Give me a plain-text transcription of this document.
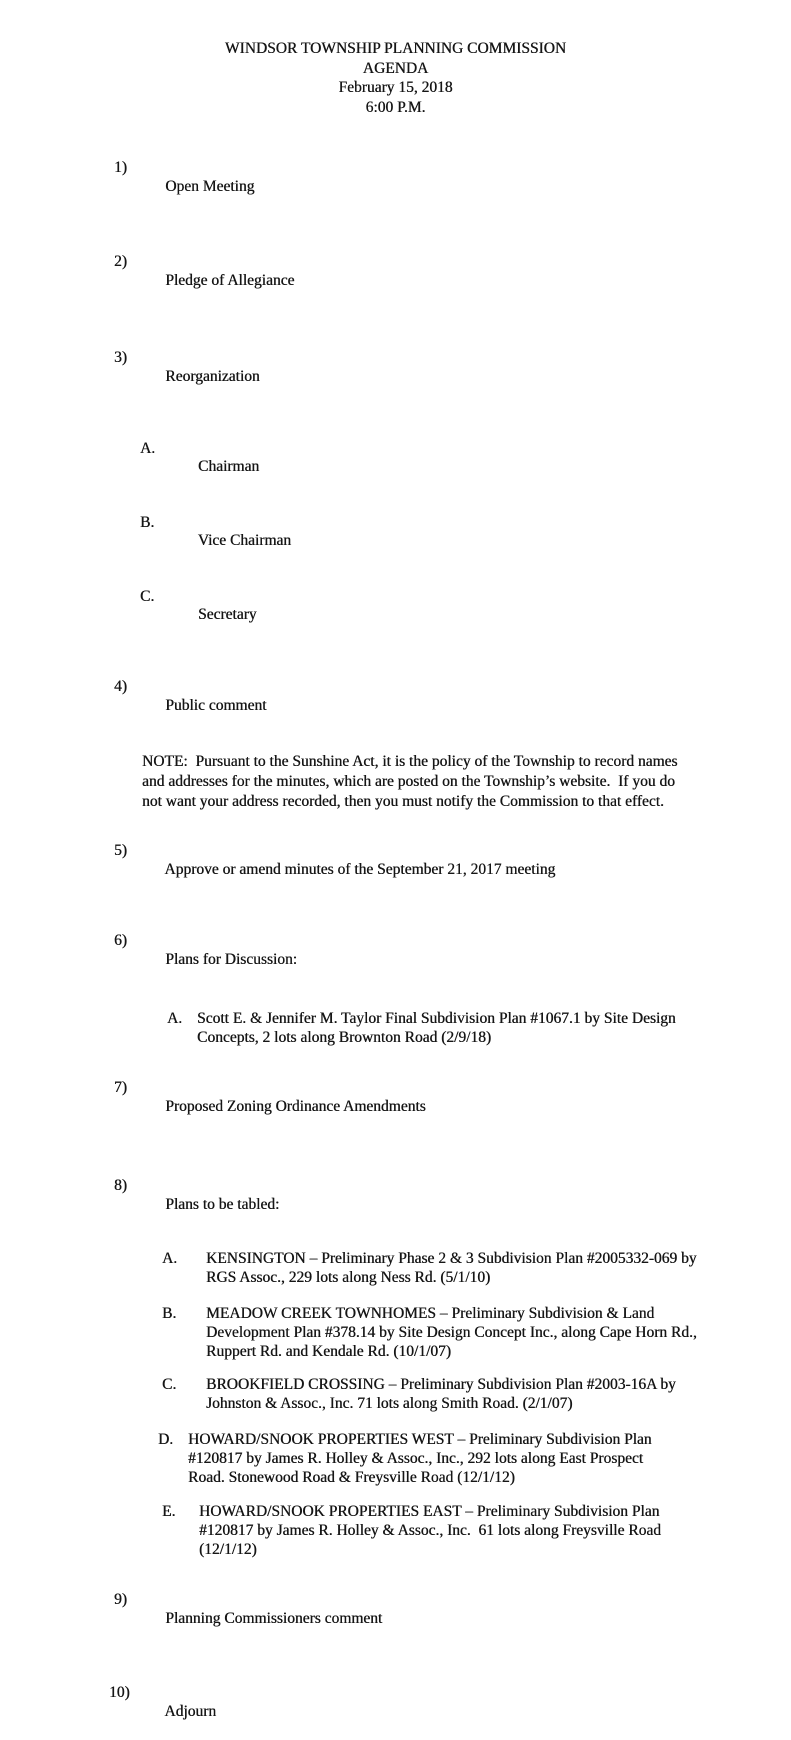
WINDSOR TOWNSHIP PLANNING COMMISSION
AGENDA
February 15, 2018
6:00 P.M.

1)

Open Meeting

2)

Pledge of Allegiance

3)

Reorganization

A.

Chairman

B.

Vice Chairman

C.

Secretary

4)

Public comment

NOTE:  Pursuant to the Sunshine Act, it is the policy of the Township to record names
and addresses for the minutes, which are posted on the Township’s website.  If you do
not want your address recorded, then you must notify the Commission to that effect.

5)

Approve or amend minutes of the September 21, 2017 meeting

6)

Plans for Discussion:

A. Scott E. & Jennifer M. Taylor Final Subdivision Plan #1067.1 by Site Design
Concepts, 2 lots along Brownton Road (2/9/18)

7)

Proposed Zoning Ordinance Amendments

8)

Plans to be tabled:

A. KENSINGTON – Preliminary Phase 2 & 3 Subdivision Plan #2005332-069 by
RGS Assoc., 229 lots along Ness Rd. (5/1/10)
B. MEADOW CREEK TOWNHOMES – Preliminary Subdivision & Land
Development Plan #378.14 by Site Design Concept Inc., along Cape Horn Rd.,
Ruppert Rd. and Kendale Rd. (10/1/07)
C. BROOKFIELD CROSSING – Preliminary Subdivision Plan #2003-16A by
Johnston & Assoc., Inc. 71 lots along Smith Road. (2/1/07)
D. HOWARD/SNOOK PROPERTIES WEST – Preliminary Subdivision Plan
#120817 by James R. Holley & Assoc., Inc., 292 lots along East Prospect
Road. Stonewood Road & Freysville Road (12/1/12)
E. HOWARD/SNOOK PROPERTIES EAST – Preliminary Subdivision Plan
#120817 by James R. Holley & Assoc., Inc.  61 lots along Freysville Road
(12/1/12)

9)

Planning Commissioners comment

10)

Adjourn
